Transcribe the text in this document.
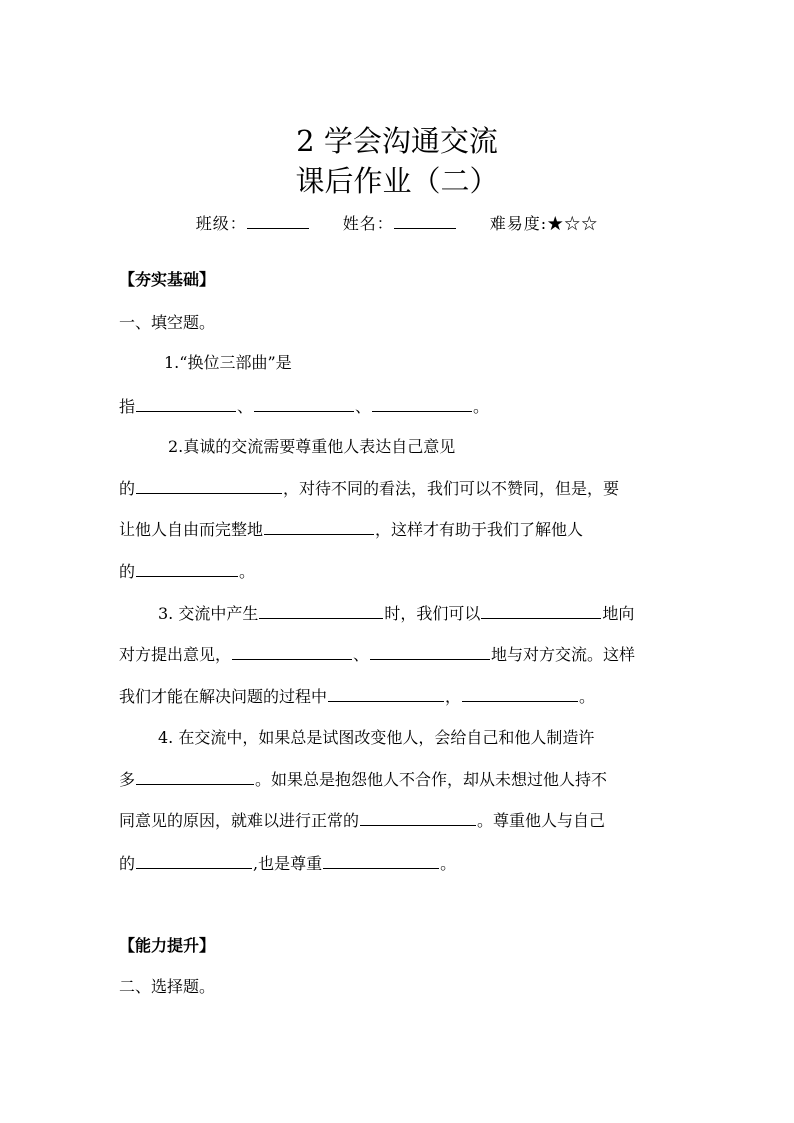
2 学会沟通交流
课后作业（二）
班级：	姓名：	难易度:★☆☆
【夯实基础】
一、填空题。
1.“换位三部曲”是
指	、	、	。
2.真诚的交流需要尊重他人表达自己意见
的	，对待不同的看法，我们可以不赞同，但是，要
让他人自由而完整地	，这样才有助于我们了解他人
的	。
3. 交流中产生	时，我们可以	地向
对方提出意见，	、	地与对方交流。这样
我们才能在解决问题的过程中	，	。
4. 在交流中，如果总是试图改变他人，会给自己和他人制造许
多	。如果总是抱怨他人不合作，却从未想过他人持不
同意见的原因，就难以进行正常的	。尊重他人与自己
的	,也是尊重	。
【能力提升】
二、选择题。
